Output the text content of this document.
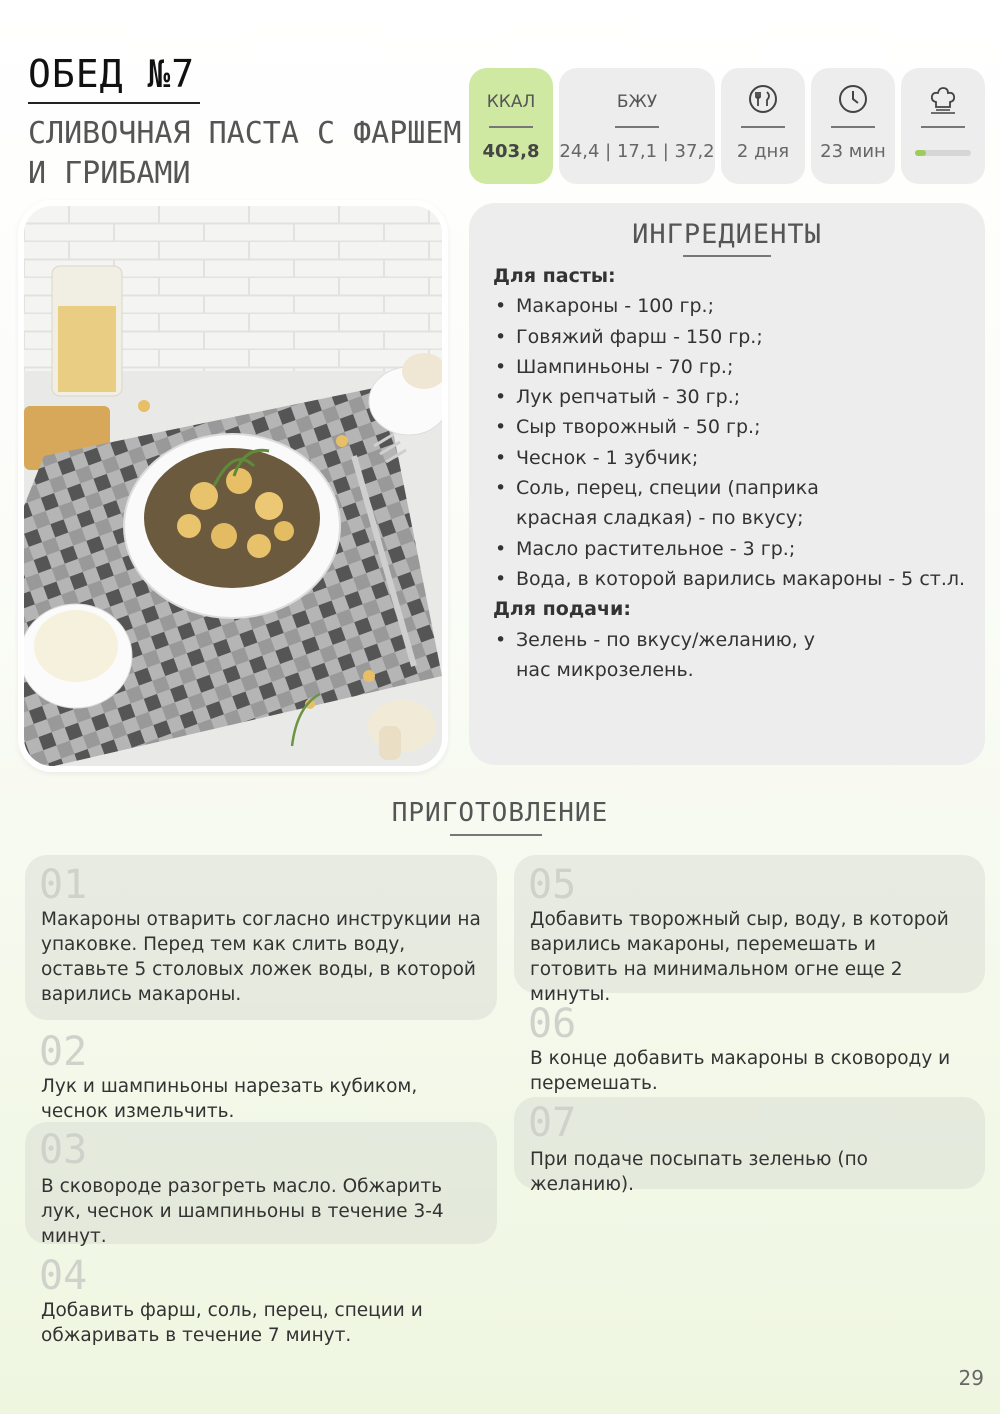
ОБЕД №7
СЛИВОЧНАЯ ПАСТА С ФАРШЕМ И ГРИБАМИ
ККАЛ
403,8
БЖУ
24,4 | 17,1 | 37,2	2 дня	23 мин
ИНГРЕДИЕНТЫ
Для пасты:
• Макароны - 100 гр.;
• Говяжий фарш - 150 гр.;
• Шампиньоны - 70 гр.;
• Лук репчатый - 30 гр.;
• Сыр творожный - 50 гр.;
• Чеснок - 1 зубчик;
• Соль, перец, специи (паприка красная сладкая) - по вкусу;
• Масло растительное - 3 гр.;
• Вода, в которой варились макароны - 5 ст.л.
Для подачи:
• Зелень - по вкусу/желанию, у нас микрозелень.
ПРИГОТОВЛЕНИЕ
01
Макароны отварить согласно инструкции на упаковке. Перед тем как слить воду, оставьте 5 столовых ложек воды, в которой варились макароны.
02
Лук и шампиньоны нарезать кубиком, чеснок измельчить.
03
В сковороде разогреть масло. Обжарить лук, чеснок и шампиньоны в течение 3-4 минут.
04
Добавить фарш, соль, перец, специи и обжаривать в течение 7 минут.
05
Добавить творожный сыр, воду, в которой варились макароны, перемешать и готовить на минимальном огне еще 2 минуты.
06
В конце добавить макароны в сковороду и перемешать.
07
При подаче посыпать зеленью (по желанию).
29
